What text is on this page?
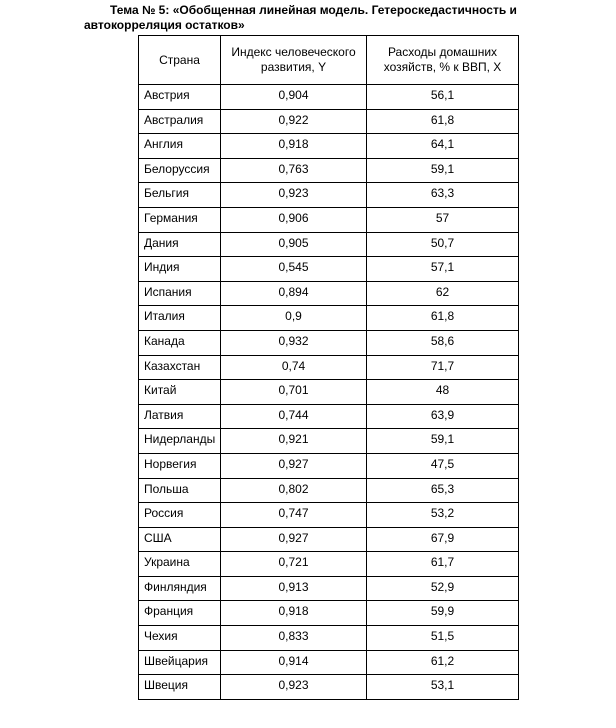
Тема № 5: «Обобщенная линейная модель. Гетероскедастичность и автокорреляция остатков»
Страна	Индекс человеческого развития, Y	Расходы домашних хозяйств, % к ВВП, X
Австрия	0,904	56,1
Австралия	0,922	61,8
Англия	0,918	64,1
Белоруссия	0,763	59,1
Бельгия	0,923	63,3
Германия	0,906	57
Дания	0,905	50,7
Индия	0,545	57,1
Испания	0,894	62
Италия	0,9	61,8
Канада	0,932	58,6
Казахстан	0,74	71,7
Китай	0,701	48
Латвия	0,744	63,9
Нидерланды	0,921	59,1
Норвегия	0,927	47,5
Польша	0,802	65,3
Россия	0,747	53,2
США	0,927	67,9
Украина	0,721	61,7
Финляндия	0,913	52,9
Франция	0,918	59,9
Чехия	0,833	51,5
Швейцария	0,914	61,2
Швеция	0,923	53,1
